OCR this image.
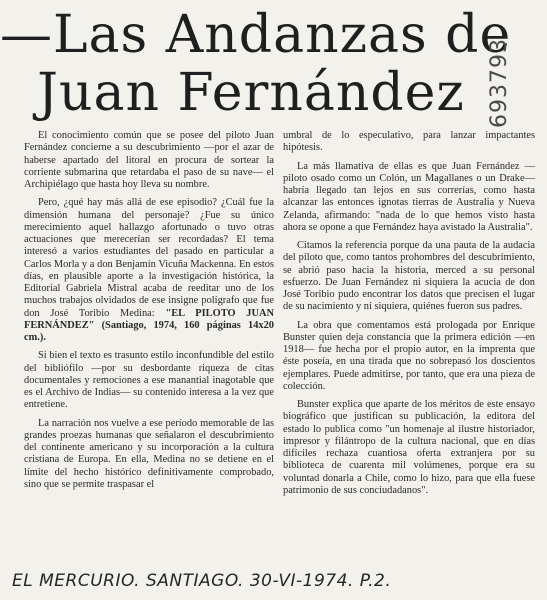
—Las Andanzas de
Juan Fernández	693793

El conocimiento común que se posee del piloto Juan Fernández concierne a su descubrimiento —por el azar de haberse apartado del litoral en procura de sortear la corriente submarina que retardaba el paso de su nave— el Archipiélago que hasta hoy lleva su nombre.

Pero, ¿qué hay más allá de ese episodio? ¿Cuál fue la dimensión humana del personaje? ¿Fue su único merecimiento aquel hallazgo afortunado o tuvo otras actuaciones que merecerían ser recordadas? El tema interesó a varios estudiantes del pasado en particular a Carlos Morla y a don Benjamín Vicuña Mackenna. En estos días, en plausible aporte a la investigación histórica, la Editorial Gabriela Mistral acaba de reeditar uno de los muchos trabajos olvidados de ese insigne polígrafo que fue don José Toribio Medina: "EL PILOTO JUAN FERNÁNDEZ" (Santiago, 1974, 160 páginas 14x20 cm.).

Si bien el texto es trasunto estilo inconfundible del estilo del bibliófilo —por su desbordante riqueza de citas documentales y remociones a ese manantial inagotable que es el Archivo de Indias— su contenido interesa a la vez que entretiene.

La narración nos vuelve a ese período memorable de las grandes proezas humanas que señalaron el descubrimiento del continente americano y su incorporación a la cultura cristiana de Europa. En ella, Medina no se detiene en el límite del hecho histórico definitivamente comprobado, sino que se permite traspasar el

umbral de lo especulativo, para lanzar impactantes hipótesis.

La más llamativa de ellas es que Juan Fernández —piloto osado como un Colón, un Magallanes o un Drake— habría llegado tan lejos en sus correrías, como hasta alcanzar las entonces ignotas tierras de Australia y Nueva Zelanda, afirmando: "nada de lo que hemos visto hasta ahora se opone a que Fernández haya avistado la Australia".

Citamos la referencia porque da una pauta de la audacia del piloto que, como tantos prohombres del descubrimiento, se abrió paso hacia la historia, merced a su personal esfuerzo. De Juan Fernández ni siquiera la acucia de don José Toribio pudo encontrar los datos que precisen el lugar de su nacimiento y ni siquiera, quiénes fueron sus padres.

La obra que comentamos está prologada por Enrique Bunster quien deja constancia que la primera edición —en 1918— fue hecha por el propio autor, en la imprenta que éste poseía, en una tirada que no sobrepasó los doscientos ejemplares. Puede admitirse, por tanto, que era una pieza de colección.

Bunster explica que aparte de los méritos de este ensayo biográfico que justifican su publicación, la editora del estado lo publica como "un homenaje al ilustre historiador, impresor y filántropo de la cultura nacional, que en días difíciles rechaza cuantiosa oferta extranjera por su biblioteca de cuarenta mil volúmenes, porque era su voluntad donarla a Chile, como lo hizo, para que ella fuese patrimonio de sus conciudadanos".

EL MERCURIO. SANTIAGO. 30-VI-1974. P.2.
